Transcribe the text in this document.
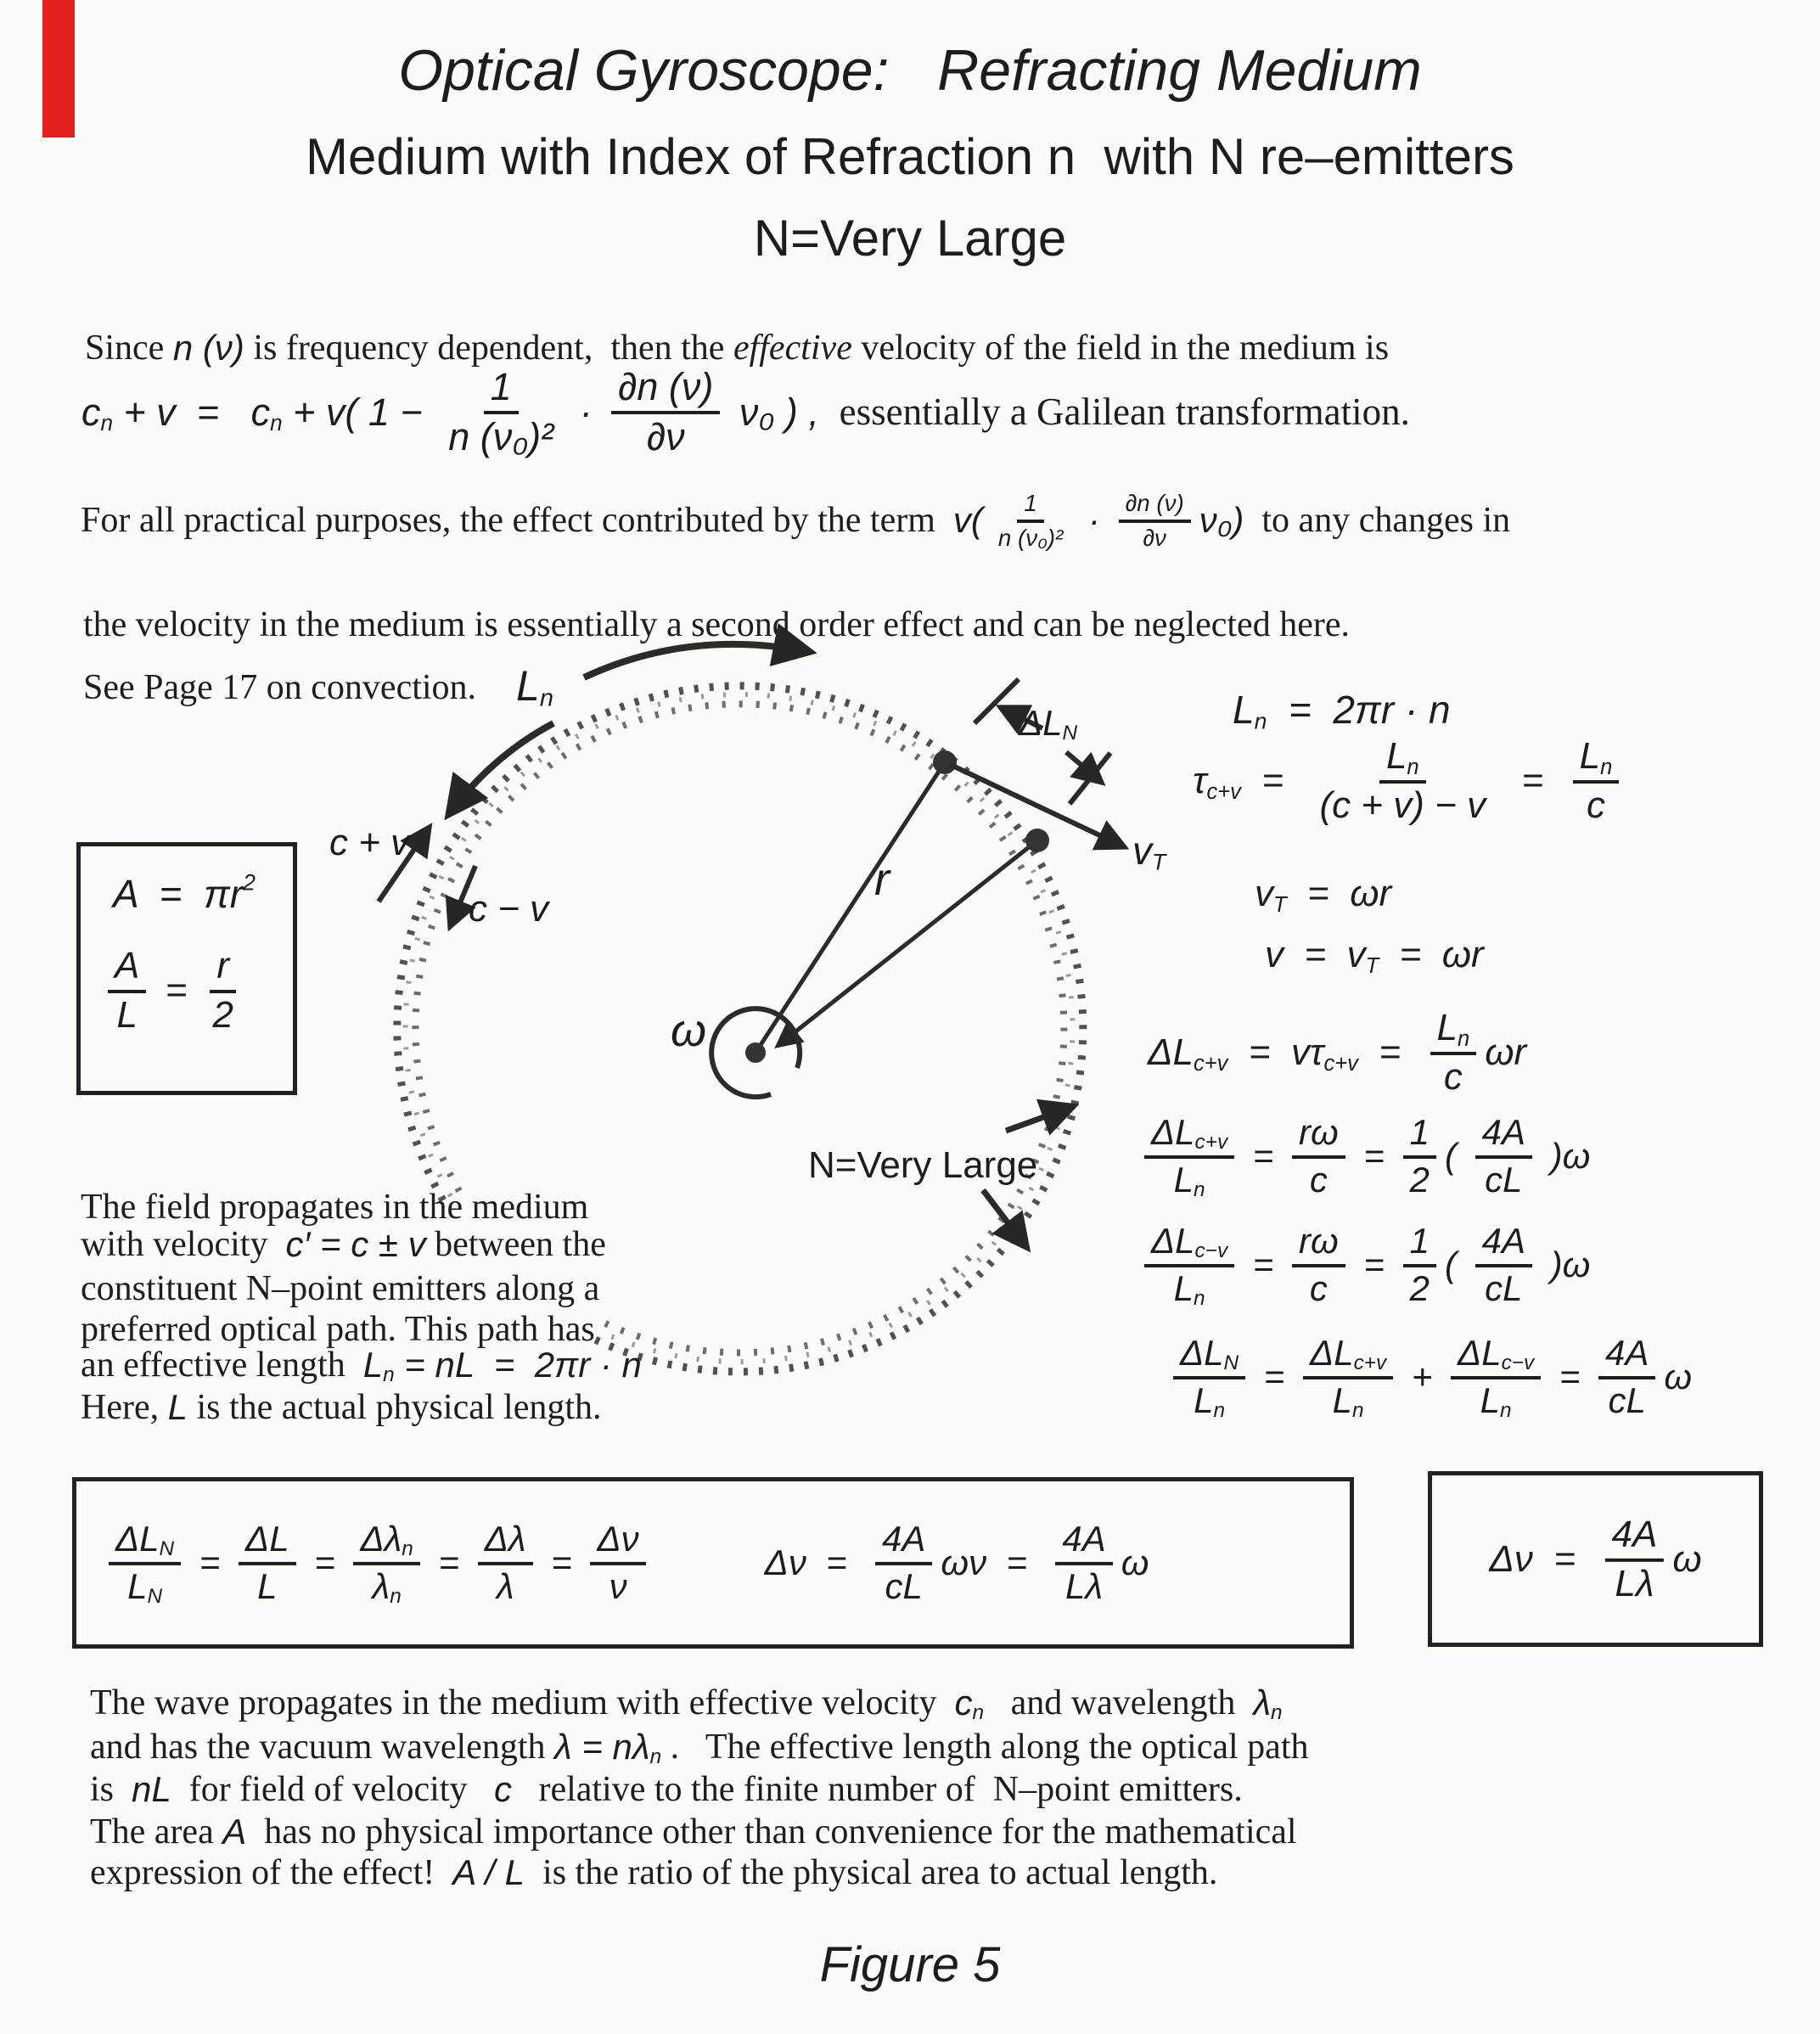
Optical Gyroscope:   Refracting Medium
Medium with Index of Refraction n  with N re–emitters
N=Very Large
Since n (ν) is frequency dependent,  then the effective velocity of the field in the medium is
c n + v  =   c n + v( $1 - \frac{1}{\text{n (ν₀)²}} \cdot \frac{\partial n (\nu)}{\partial\nu} \nu_0$ ) , essentially a Galilean transformation.
For all practical purposes, the effect contributed by the term $v( \frac{1}{\text{n (ν₀)²}} \cdot \frac{\partial n (\nu)}{\partial\nu} \nu_0)$ to any changes in
the velocity in the medium is essentially a second order effect and can be neglected here.
See Page 17 on convection.
A  =  πr 2
$\frac{A}{L} = \frac{r}{2}$
L n
c + v
c − v
r
ω
ΔL N
v T
N=Very Large
L n =  2πr · n
τ $c+v = \frac{\text{L n}}{(c + v) - v} = \frac{\text{L n}}{c}$
v T =  ωr
v  =  v T =  ωr
ΔL c+v =  vτ $c+v = \frac{\text{L n}}{c}$ ωr
$\frac{\text{ΔL c+v}}{\text{L n}} = \frac{r\omega}{c} = \frac{1}{2}$ ( $\frac{4A}{cL} )\omega$
$\frac{\text{ΔL c−v}}{\text{L n}} = \frac{r\omega}{c} = \frac{1}{2}$ ( $\frac{4A}{cL} )\omega$
$\frac{\text{ΔL N}}{\text{L n}} = \frac{\text{ΔL c+v}}{\text{L n}} + \frac{\text{ΔL c−v}}{\text{L n}} = \frac{4A}{cL}$ ω
The field propagates in the medium
with velocity c′ = c ± v between the
constituent N–point emitters along a
preferred optical path. This path has
an effective length L n = nL  =  2πr · n
Here, L is the actual physical length.
$\frac{\text{ΔL N}}{\text{L N}} = \frac{\Delta L}{L} = \frac{\text{Δλ n}}{\text{λ n}} = \frac{\Delta\lambda}{\lambda} = \frac{\Delta\nu}{\nu}$	$\Delta\nu = \frac{4A}{cL}$ $\omega\nu = \frac{4A}{L\lambda}$ ω	$\Delta\nu = \frac{4A}{L\lambda}$ ω
The wave propagates in the medium with effective velocity c n and wavelength λ n
and has the vacuum wavelength λ = nλ n .   The effective length along the optical path
is nL for field of velocity c relative to the finite number of  N–point emitters.
The area A has no physical importance other than convenience for the mathematical
expression of the effect! A / L is the ratio of the physical area to actual length.
Figure 5
